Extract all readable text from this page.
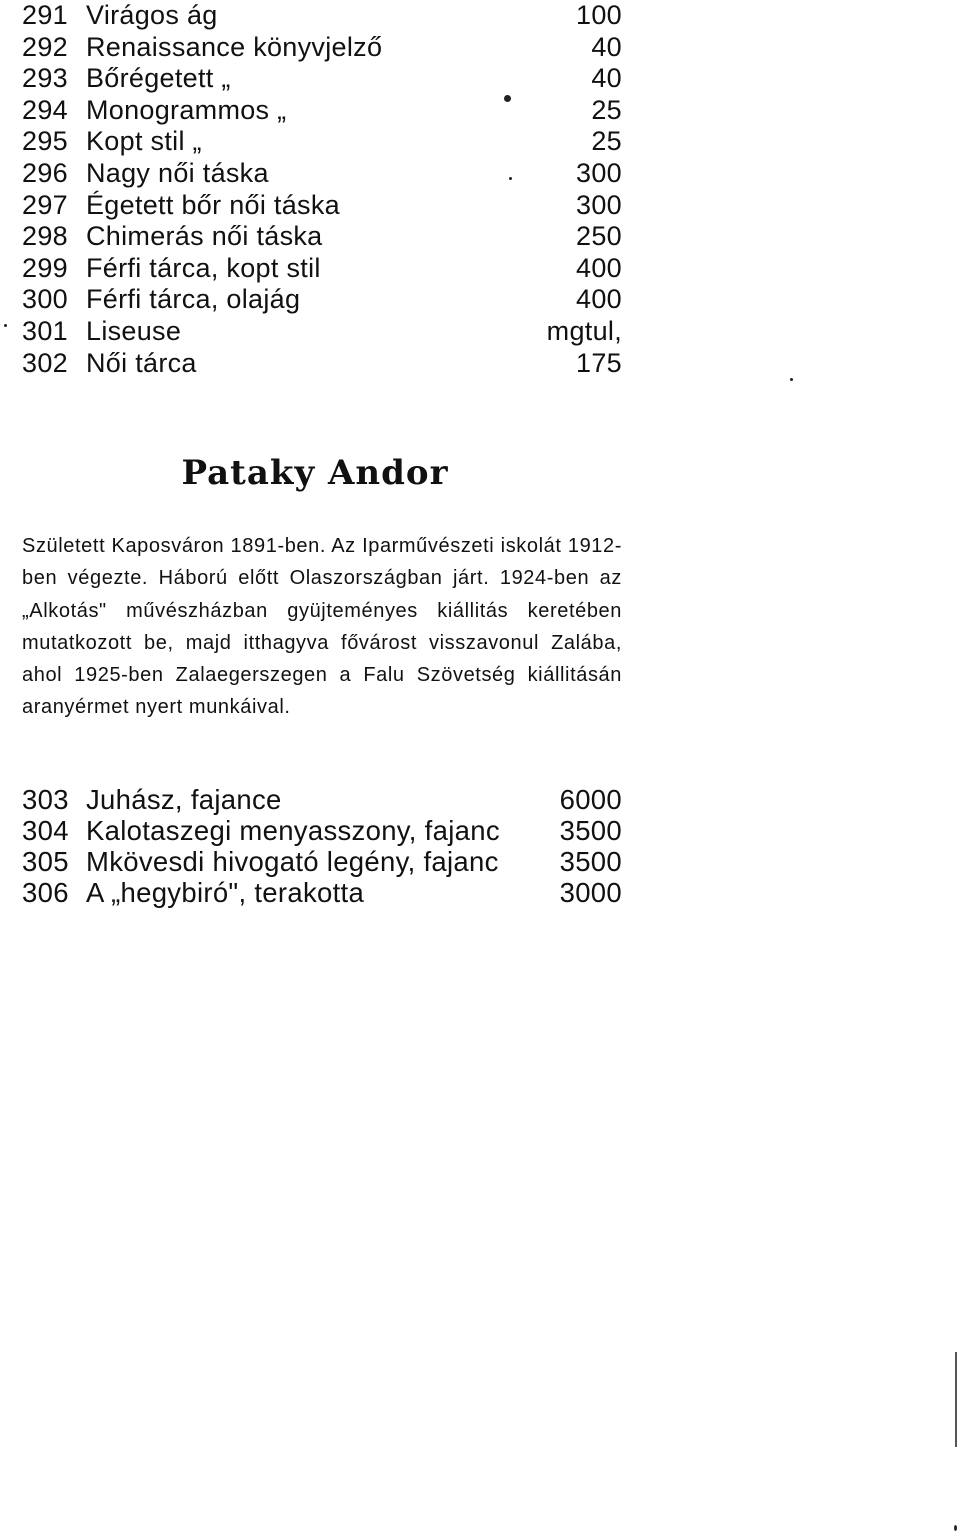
291 Virágos ág	100
292 Renaissance könyvjelző	40
293 Bőrégetett „	40
294 Monogrammos „	25
295 Kopt stil „	25
296 Nagy női táska	300
297 Égetett bőr női táska	300
298 Chimerás női táska	250
299 Férfi tárca, kopt stil	400
300 Férfi tárca, olajág	400
301 Liseuse	mgtul,
302 Női tárca	175
Pataky Andor

Született Kaposváron 1891-ben. Az Iparművészeti iskolát 1912-ben végezte. Háború előtt Olaszországban járt. 1924-ben az „Alkotás" művészházban gyüjteményes kiállitás keretében mutatkozott be, majd itthagyva fővárost visszavonul Zalába, ahol 1925-ben Zalaegerszegen a Falu Szövetség kiállitásán aranyérmet nyert munkáival.

303 Juhász, fajance	6000
304 Kalotaszegi menyasszony, fajanc	3500
305 Mkövesdi hivogató legény, fajanc	3500
306 A „hegybiró", terakotta	3000
